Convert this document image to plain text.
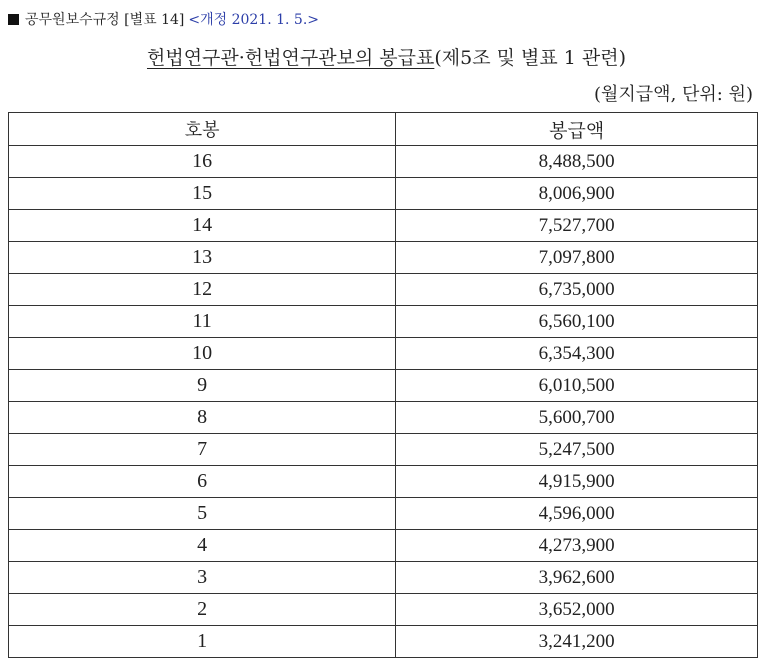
공무원보수규정 [별표 14] <개정 2021. 1. 5.>
헌법연구관·헌법연구관보의 봉급표(제5조 및 별표 1 관련)
(월지급액, 단위: 원)
호봉	봉급액
16	8,488,500
15	8,006,900
14	7,527,700
13	7,097,800
12	6,735,000
11	6,560,100
10	6,354,300
9	6,010,500
8	5,600,700
7	5,247,500
6	4,915,900
5	4,596,000
4	4,273,900
3	3,962,600
2	3,652,000
1	3,241,200
